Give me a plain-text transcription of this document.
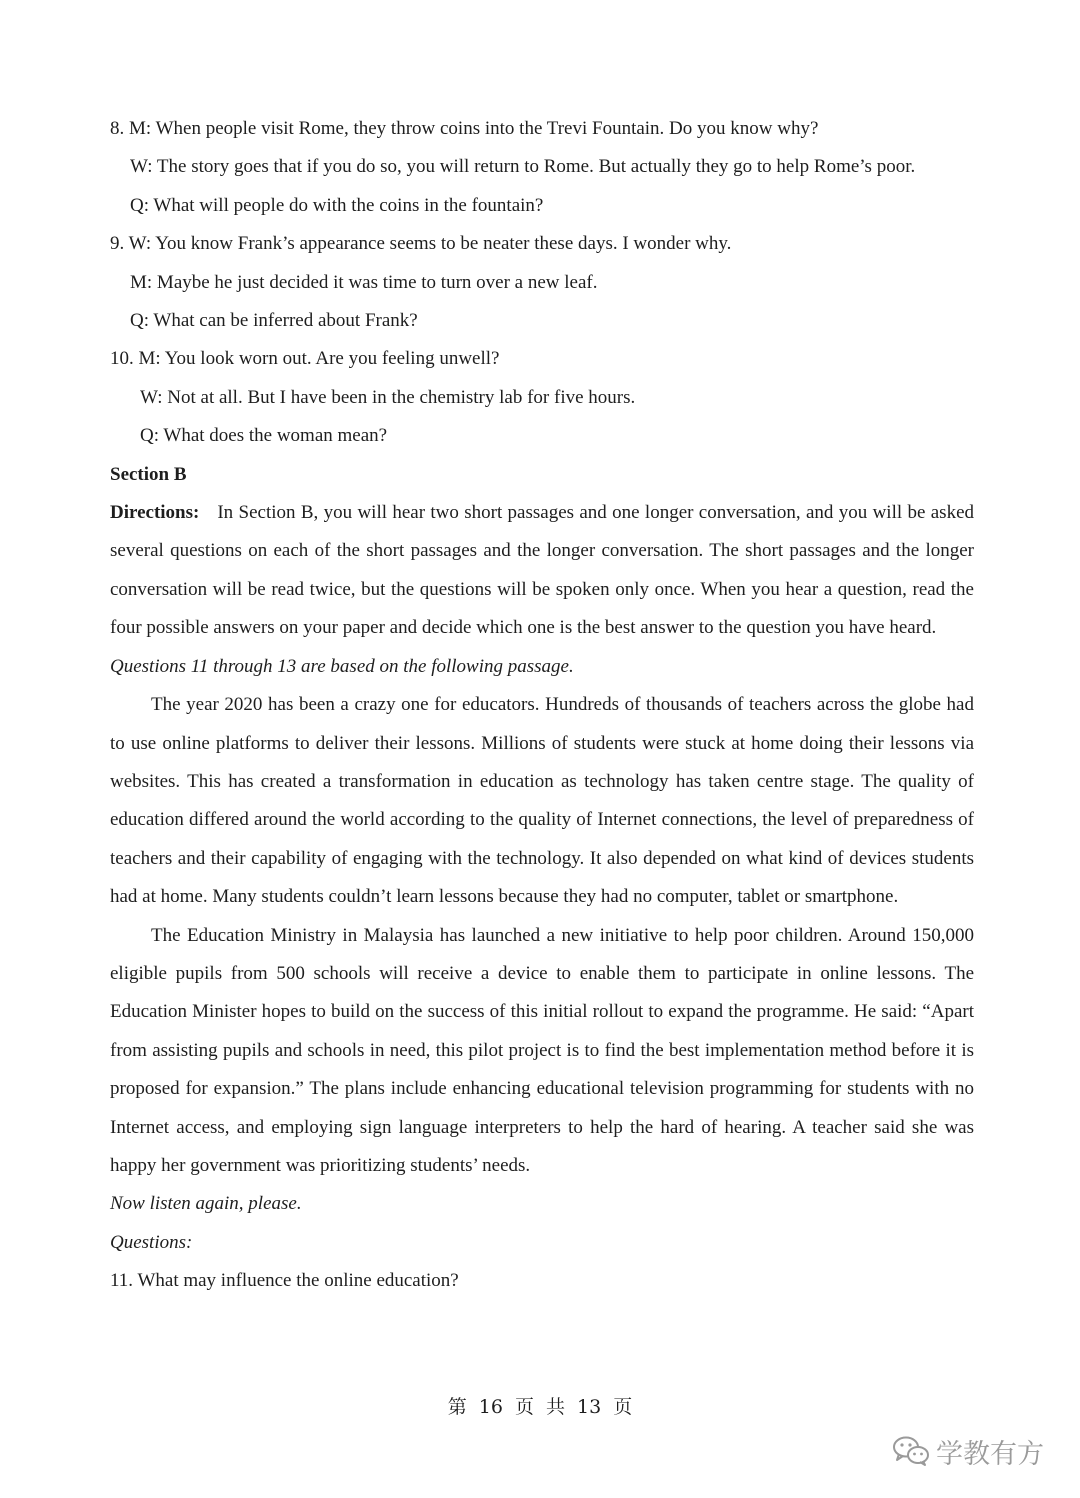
8. M: When people visit Rome, they throw coins into the Trevi Fountain. Do you know why?
W: The story goes that if you do so, you will return to Rome. But actually they go to help Rome’s poor.
Q: What will people do with the coins in the fountain?
9. W: You know Frank’s appearance seems to be neater these days. I wonder why.
M: Maybe he just decided it was time to turn over a new leaf.
Q: What can be inferred about Frank?
10. M: You look worn out. Are you feeling unwell?
W: Not at all. But I have been in the chemistry lab for five hours.
Q: What does the woman mean?
Section B
Directions: In Section B, you will hear two short passages and one longer conversation, and you will be asked several questions on each of the short passages and the longer conversation. The short passages and the longer conversation will be read twice, but the questions will be spoken only once. When you hear a question, read the four possible answers on your paper and decide which one is the best answer to the question you have heard.
Questions 11 through 13 are based on the following passage.
The year 2020 has been a crazy one for educators. Hundreds of thousands of teachers across the globe had to use online platforms to deliver their lessons. Millions of students were stuck at home doing their lessons via websites. This has created a transformation in education as technology has taken centre stage. The quality of education differed around the world according to the quality of Internet connections, the level of preparedness of teachers and their capability of engaging with the technology. It also depended on what kind of devices students had at home. Many students couldn’t learn lessons because they had no computer, tablet or smartphone.
The Education Ministry in Malaysia has launched a new initiative to help poor children. Around 150,000 eligible pupils from 500 schools will receive a device to enable them to participate in online lessons. The Education Minister hopes to build on the success of this initial rollout to expand the programme. He said: “Apart from assisting pupils and schools in need, this pilot project is to find the best implementation method before it is proposed for expansion.” The plans include enhancing educational television programming for students with no Internet access, and employing sign language interpreters to help the hard of hearing. A teacher said she was happy her government was prioritizing students’ needs.
Now listen again, please.
Questions:
11. What may influence the online education?
第 16 页 共 13 页
学教有方
